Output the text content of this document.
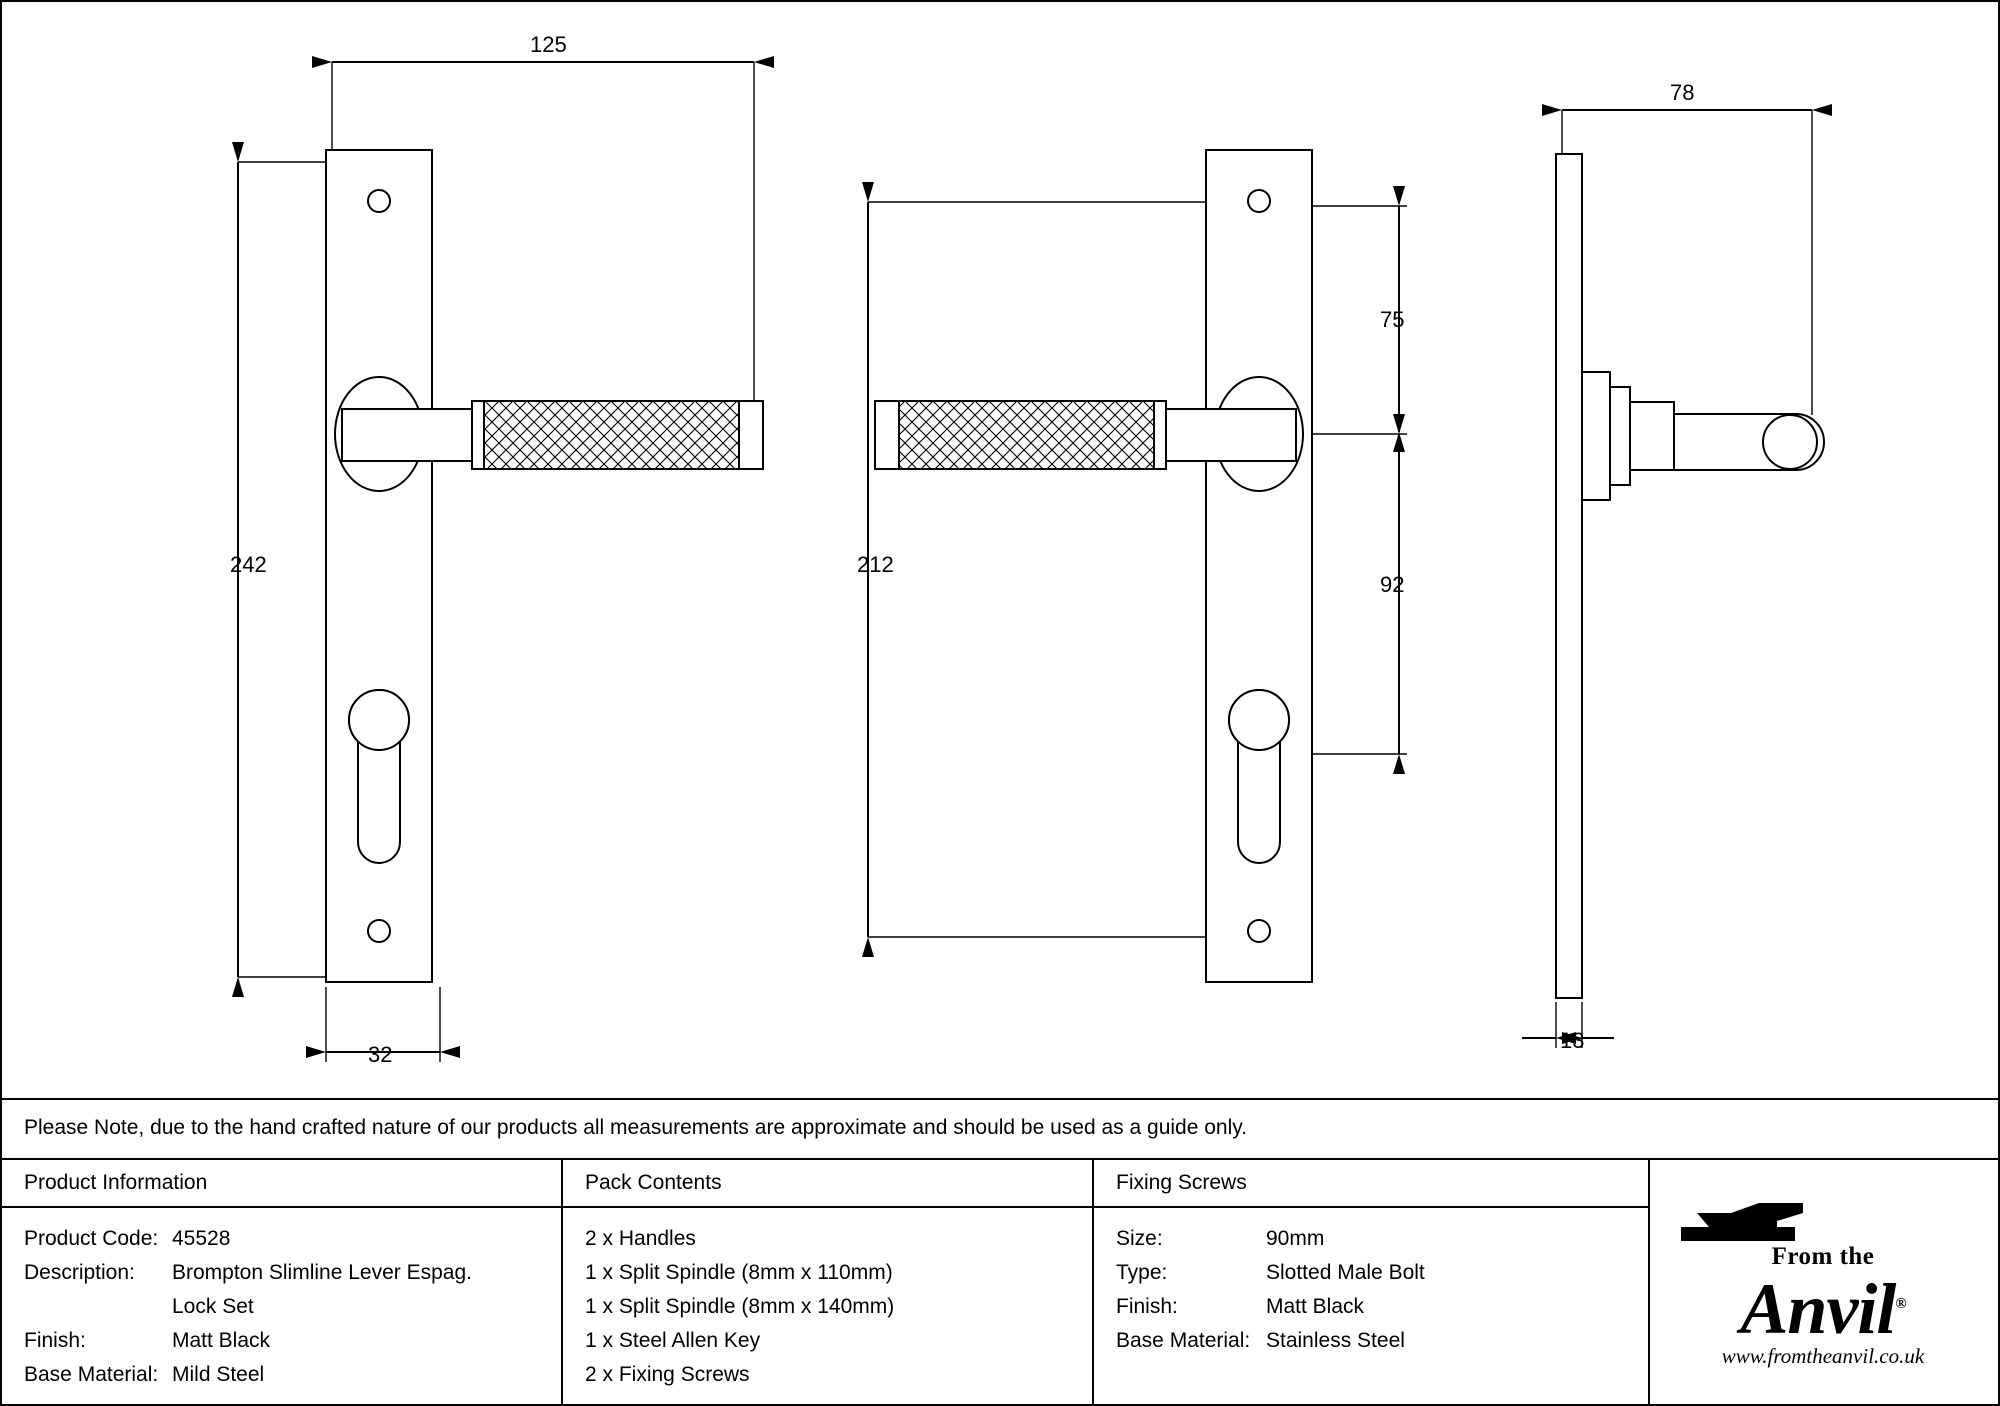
125
242
32
212
75
92
78
13
Please Note, due to the hand crafted nature of our products all measurements are approximate and should be used as a guide only.
Product Information
Product Code: 45528
Description:	Brompton Slimline Lever Espag.
Lock Set
Finish:	Matt Black
Base Material: Mild Steel
Pack Contents
2 x Handles
1 x Split Spindle (8mm x 110mm)
1 x Split Spindle (8mm x 140mm)
1 x Steel Allen Key
2 x Fixing Screws
Fixing Screws
Size:	90mm
Type:	Slotted Male Bolt
Finish:	Matt Black
Base Material: Stainless Steel
From the
Anvil®
www.fromtheanvil.co.uk
